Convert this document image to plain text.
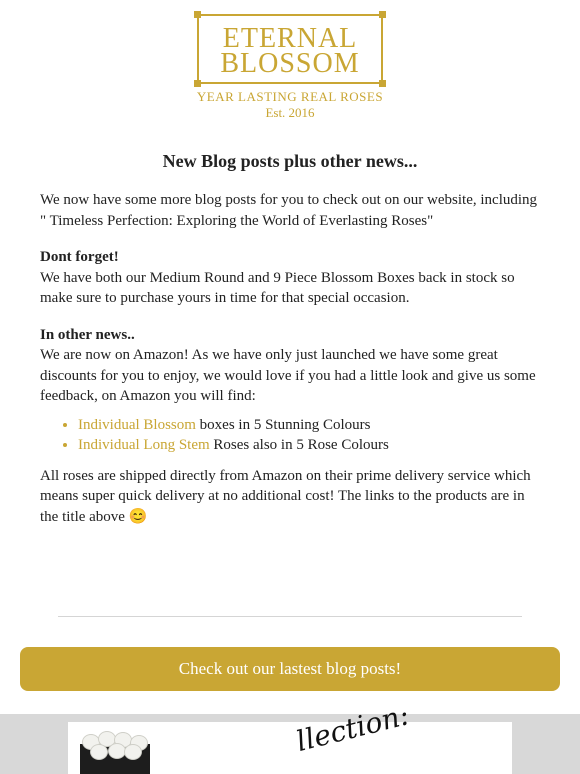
ETERNAL
BLOSSOM
YEAR LASTING REAL ROSES
Est. 2016
New Blog posts plus other news...

We now have some more blog posts for you to check out on our website, including " Timeless Perfection: Exploring the World of Everlasting Roses"

Dont forget!
We have both our Medium Round and 9 Piece Blossom Boxes back in stock so make sure to purchase yours in time for that special occasion.

In other news..
We are now on Amazon! As we have only just launched we have some great discounts for you to enjoy, we would love if you had a little look and give us some feedback, on Amazon you will find:

• Individual Blossom boxes in 5 Stunning Colours
• Individual Long Stem Roses also in 5 Rose Colours

All roses are shipped directly from Amazon on their prime delivery service which means super quick delivery at no additional cost! The links to the products are in the title above 😊

Check out our lastest blog posts!
llection:
